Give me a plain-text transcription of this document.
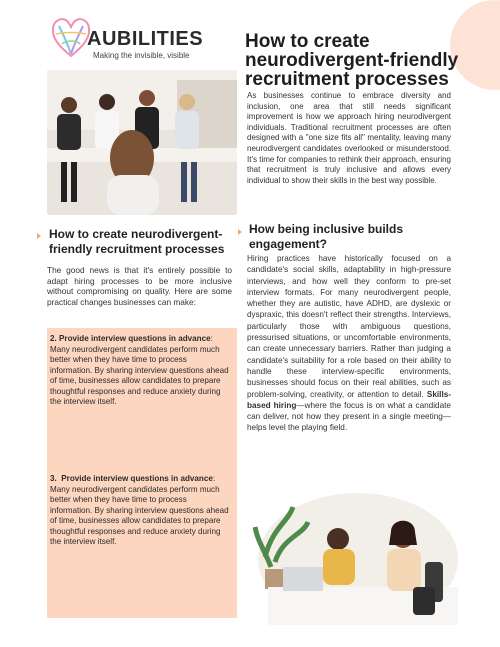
AUBILITIES
Making the invisible, visible
How to create neurodivergent-friendly recruitment processes
As businesses continue to embrace diversity and inclusion, one area that still needs significant improvement is how we approach hiring neurodivergent individuals. Traditional recruitment processes are often designed with a "one size fits all" mentality, leaving many neurodivergent candidates overlooked or misunderstood. It's time for companies to rethink their approach, ensuring that recruitment is truly inclusive and allows every individual to show their skills in the best way possible.
How to create neurodivergent-friendly recruitment processes
The good news is that it's entirely possible to adapt hiring processes to be more inclusive without compromising on quality. Here are some practical changes businesses can make:
2. Provide interview questions in advance: Many neurodivergent candidates perform much better when they have time to process information. By sharing interview questions ahead of time, businesses allow candidates to prepare thoughtful responses and reduce anxiety during the interview itself.
3. Provide interview questions in advance: Many neurodivergent candidates perform much better when they have time to process information. By sharing interview questions ahead of time, businesses allow candidates to prepare thoughtful responses and reduce anxiety during the interview itself.
How being inclusive builds engagement?
Hiring practices have historically focused on a candidate's social skills, adaptability in high-pressure interviews, and how well they conform to pre-set interview formats. For many neurodivergent people, whether they are autistic, have ADHD, are dyslexic or dyspraxic, this doesn't reflect their strengths. Interviews, particularly those with ambiguous questions, pressurised situations, or uncomfortable environments, can create unnecessary barriers. Rather than judging a candidate's suitability for a role based on their ability to handle these interview-specific environments, businesses should focus on their real abilities, such as problem-solving, creativity, or attention to detail. Skills-based hiring—where the focus is on what a candidate can deliver, not how they present in a single meeting—helps level the playing field.
